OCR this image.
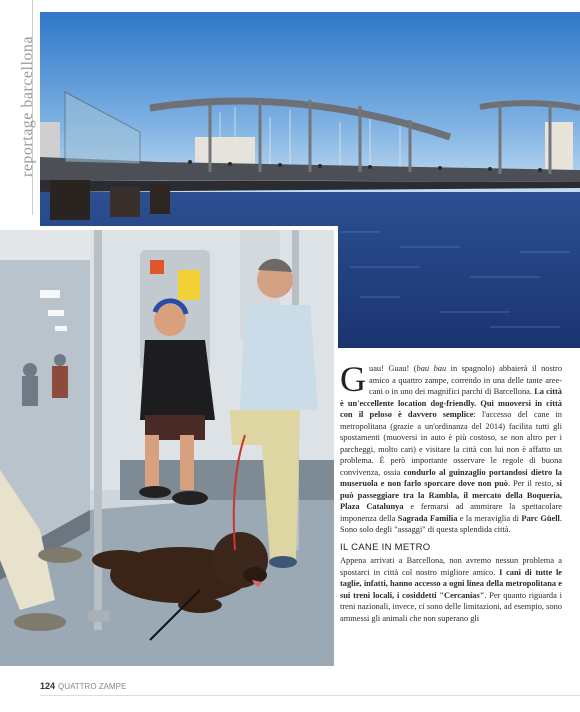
reportage barcellona

Guau! Guau! (bau bau in spagnolo) abbaierà il nostro amico a quattro zampe, correndo in una delle tante aree-cani o in uno dei magnifici parchi di Barcellona. La città è un'eccellente location dog-friendly. Qui muoversi in città con il peloso è davvero semplice: l'accesso del cane in metropolitana (grazie a un'ordinanza del 2014) facilita tutti gli spostamenti (muoversi in auto è più costoso, se non altro per i parcheggi, molto cari) e visitare la città con lui non è affatto un problema. È però importante osservare le regole di buona convivenza, ossia condurlo al guinzaglio portandosi dietro la museruola e non farlo sporcare dove non può. Per il resto, si può passeggiare tra la Rambla, il mercato della Boqueria, Plaza Catalunya e fermarsi ad ammirare la spettacolare imponenza della Sagrada Familia e la meraviglia di Parc Güell. Sono solo degli "assaggi" di questa splendida città.

IL CANE IN METRO

Appena arrivati a Barcellona, non avremo nessun problema a spostarci in città col nostro migliore amico. I cani di tutte le taglie, infatti, hanno accesso a ogni linea della metropolitana e sui treni locali, i cosiddetti "Cercanías". Per quanto riguarda i treni nazionali, invece, ci sono delle limitazioni, ad esempio, sono ammessi gli animali che non superano gli

124 QUATTRO ZAMPE
